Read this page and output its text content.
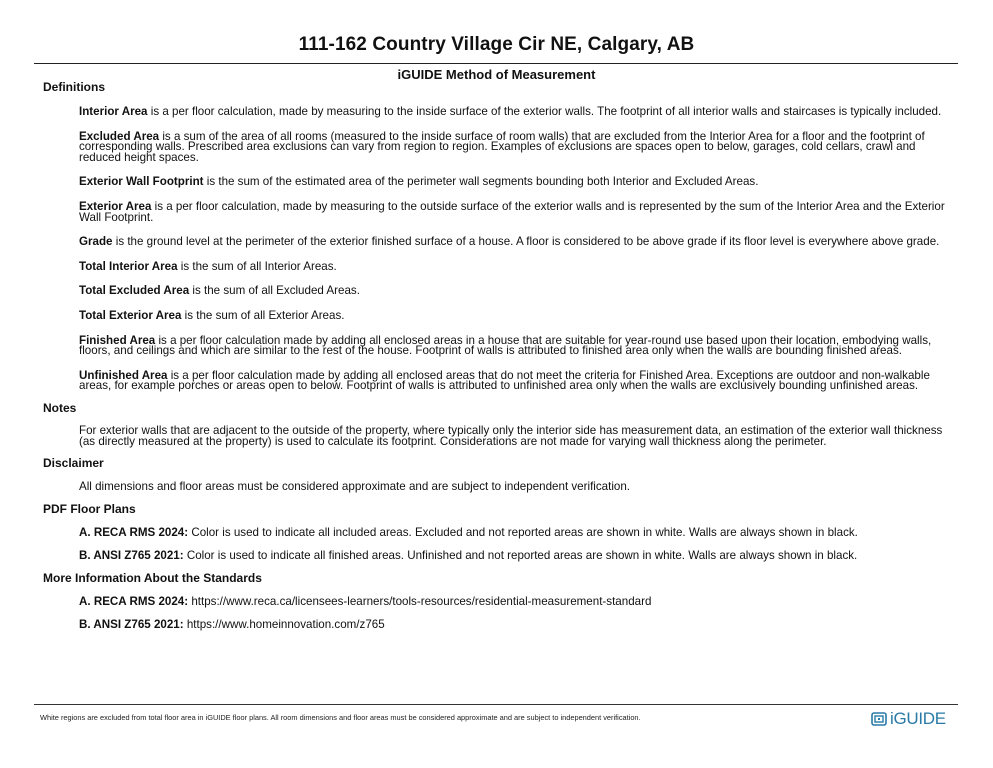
111-162 Country Village Cir NE, Calgary, AB
iGUIDE Method of Measurement
Definitions
Interior Area is a per floor calculation, made by measuring to the inside surface of the exterior walls. The footprint of all interior walls and staircases is typically included.
Excluded Area is a sum of the area of all rooms (measured to the inside surface of room walls) that are excluded from the Interior Area for a floor and the footprint of corresponding walls. Prescribed area exclusions can vary from region to region. Examples of exclusions are spaces open to below, garages, cold cellars, crawl and reduced height spaces.
Exterior Wall Footprint is the sum of the estimated area of the perimeter wall segments bounding both Interior and Excluded Areas.
Exterior Area is a per floor calculation, made by measuring to the outside surface of the exterior walls and is represented by the sum of the Interior Area and the Exterior Wall Footprint.
Grade is the ground level at the perimeter of the exterior finished surface of a house. A floor is considered to be above grade if its floor level is everywhere above grade.
Total Interior Area is the sum of all Interior Areas.
Total Excluded Area is the sum of all Excluded Areas.
Total Exterior Area is the sum of all Exterior Areas.
Finished Area is a per floor calculation made by adding all enclosed areas in a house that are suitable for year-round use based upon their location, embodying walls, floors, and ceilings and which are similar to the rest of the house. Footprint of walls is attributed to finished area only when the walls are bounding finished areas.
Unfinished Area is a per floor calculation made by adding all enclosed areas that do not meet the criteria for Finished Area. Exceptions are outdoor and non-walkable areas, for example porches or areas open to below. Footprint of walls is attributed to unfinished area only when the walls are exclusively bounding unfinished areas.
Notes
For exterior walls that are adjacent to the outside of the property, where typically only the interior side has measurement data, an estimation of the exterior wall thickness (as directly measured at the property) is used to calculate its footprint. Considerations are not made for varying wall thickness along the perimeter.
Disclaimer
All dimensions and floor areas must be considered approximate and are subject to independent verification.
PDF Floor Plans
A. RECA RMS 2024: Color is used to indicate all included areas. Excluded and not reported areas are shown in white. Walls are always shown in black.
B. ANSI Z765 2021: Color is used to indicate all finished areas. Unfinished and not reported areas are shown in white. Walls are always shown in black.
More Information About the Standards
A. RECA RMS 2024: https://www.reca.ca/licensees-learners/tools-resources/residential-measurement-standard
B. ANSI Z765 2021: https://www.homeinnovation.com/z765
White regions are excluded from total floor area in iGUIDE floor plans. All room dimensions and floor areas must be considered approximate and are subject to independent verification.	iGUIDE
